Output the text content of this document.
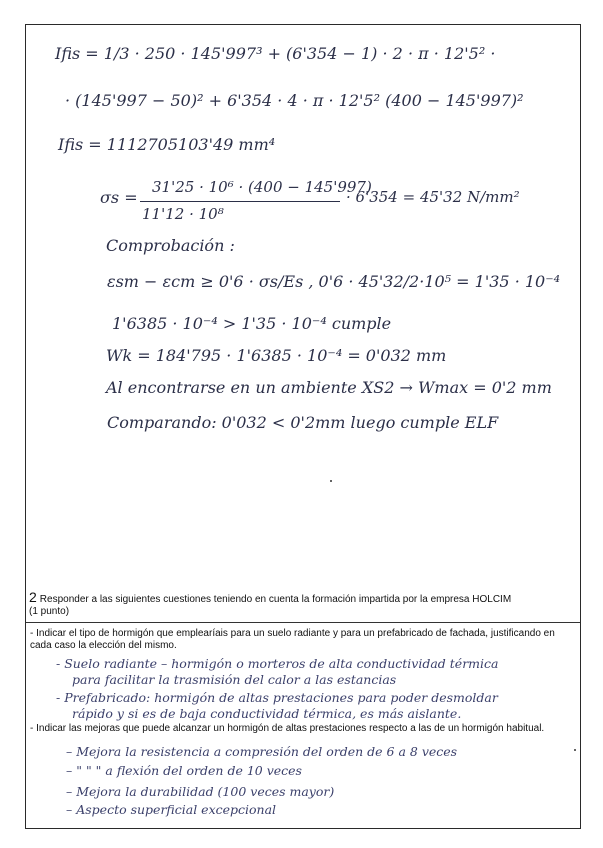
Ifis = 1/3 · 250 · 145'997³ + (6'354 − 1) · 2 · π · 12'5² ·
· (145'997 − 50)² + 6'354 · 4 · π · 12'5² (400 − 145'997)²
Ifis = 1112705103'49 mm⁴
σs =
31'25 · 10⁶ · (400 − 145'997)
11'12 · 10⁸
· 6'354 = 45'32 N/mm²
Comprobación :
εsm − εcm ≥ 0'6 · σs/Es , 0'6 · 45'32/2·10⁵ = 1'35 · 10⁻⁴
1'6385 · 10⁻⁴ > 1'35 · 10⁻⁴ cumple
Wk = 184'795 · 1'6385 · 10⁻⁴ = 0'032 mm
Al encontrarse en un ambiente XS2 → Wmax = 0'2 mm
Comparando: 0'032 < 0'2mm luego cumple ELF
2 Responder a las siguientes cuestiones teniendo en cuenta la formación impartida por la empresa HOLCIM
(1 punto)
- Indicar el tipo de hormigón que emplearíais para un suelo radiante y para un prefabricado de fachada, justificando en cada caso la elección del mismo.
- Suelo radiante – hormigón o morteros de alta conductividad térmica
para facilitar la trasmisión del calor a las estancias
- Prefabricado: hormigón de altas prestaciones para poder desmoldar
rápido y si es de baja conductividad térmica, es más aislante.
- Indicar las mejoras que puede alcanzar un hormigón de altas prestaciones respecto a las de un hormigón habitual.
– Mejora la resistencia a compresión del orden de 6 a 8 veces
– " " " a flexión del orden de 10 veces
– Mejora la durabilidad (100 veces mayor)
– Aspecto superficial excepcional
